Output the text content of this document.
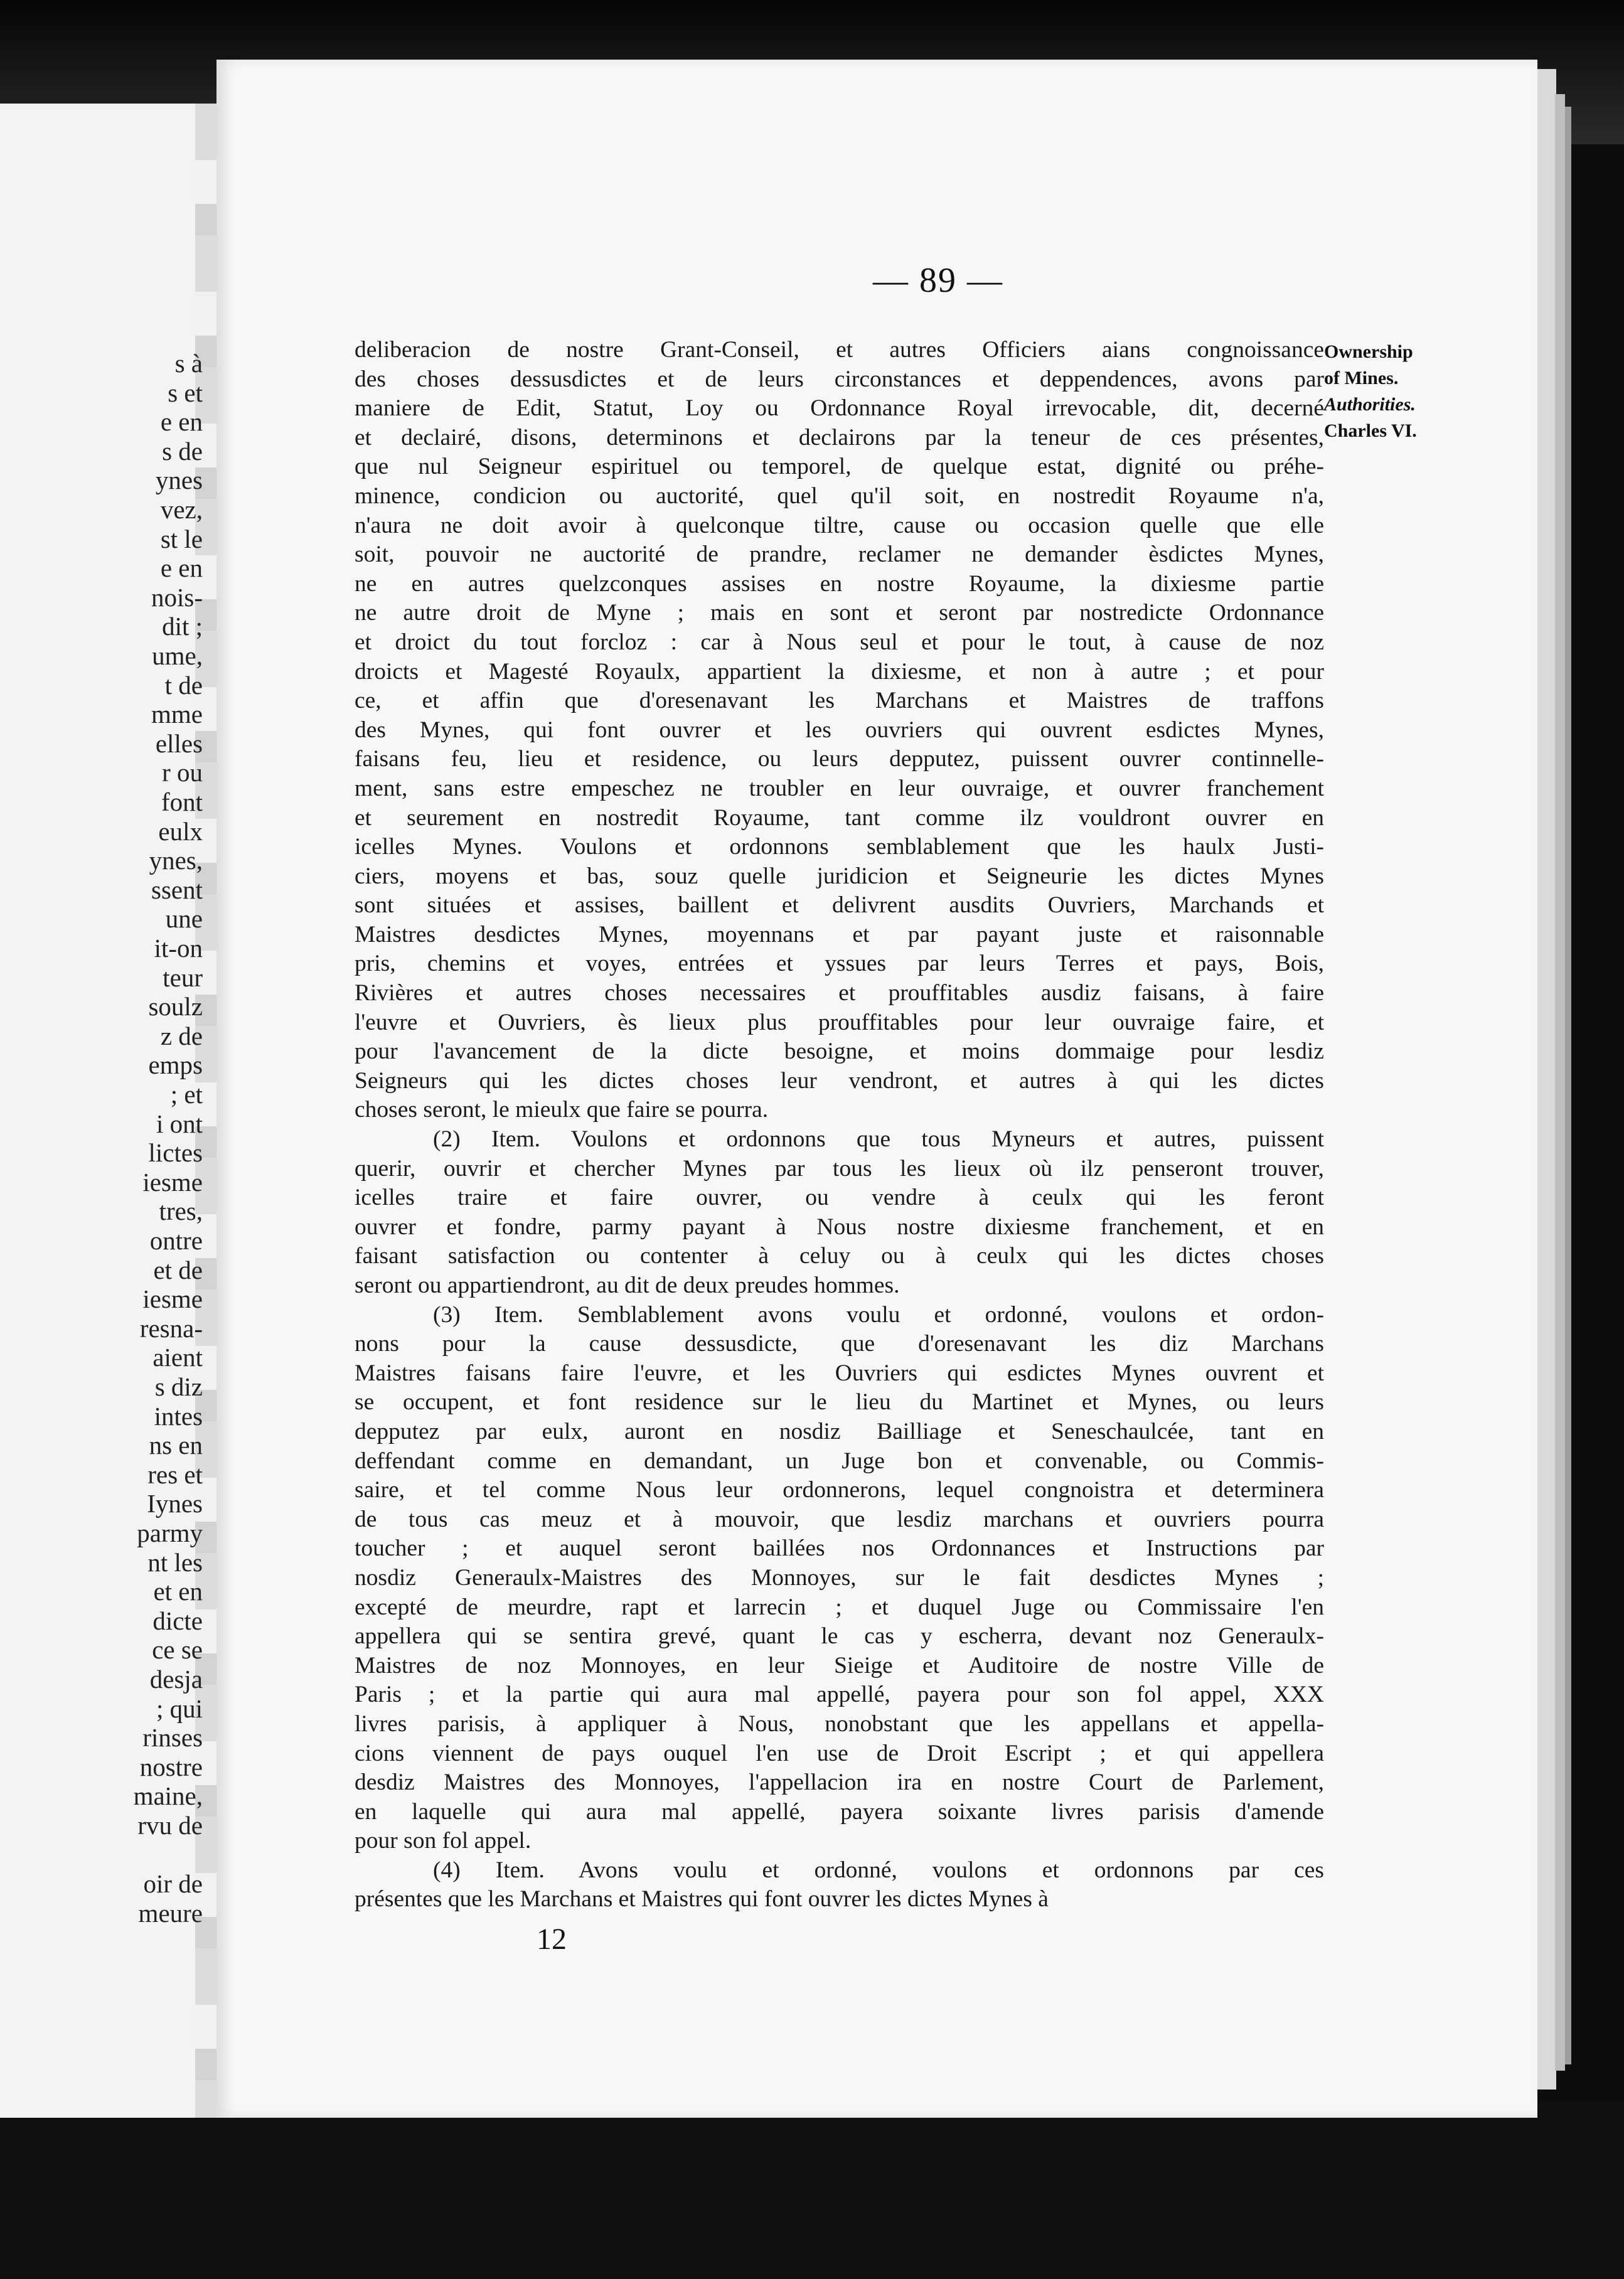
s à
s et
e en
s de
ynes
vez,
st le
e en
nois-
dit ;
ume,
t de
mme
elles
r ou
font
eulx
ynes,
ssent
une
it-on
teur
soulz
z de
emps
; et
i ont
lictes
iesme
tres,
ontre
et de
iesme
resna-
aient
s diz
intes
ns en
res et
Iynes
parmy
nt les
et en
dicte
ce se
desja
; qui
rinses
nostre
maine,
rvu de
oir de
meure
— 89 —
Ownership
of Mines.
Authorities.
Charles VI.
deliberacion de nostre Grant-Conseil, et autres Officiers aians congnoissance
des choses dessusdictes et de leurs circonstances et deppendences, avons par
maniere de Edit, Statut, Loy ou Ordonnance Royal irrevocable, dit, decerné
et declairé, disons, determinons et declairons par la teneur de ces présentes,
que nul Seigneur espirituel ou temporel, de quelque estat, dignité ou préhe-
minence, condicion ou auctorité, quel qu'il soit, en nostredit Royaume n'a,
n'aura ne doit avoir à quelconque tiltre, cause ou occasion quelle que elle
soit, pouvoir ne auctorité de prandre, reclamer ne demander èsdictes Mynes,
ne en autres quelzconques assises en nostre Royaume, la dixiesme partie
ne autre droit de Myne ; mais en sont et seront par nostredicte Ordonnance
et droict du tout forcloz : car à Nous seul et pour le tout, à cause de noz
droicts et Magesté Royaulx, appartient la dixiesme, et non à autre ; et pour
ce, et affin que d'oresenavant les Marchans et Maistres de traffons
des Mynes, qui font ouvrer et les ouvriers qui ouvrent esdictes Mynes,
faisans feu, lieu et residence, ou leurs depputez, puissent ouvrer continnelle-
ment, sans estre empeschez ne troubler en leur ouvraige, et ouvrer franchement
et seurement en nostredit Royaume, tant comme ilz vouldront ouvrer en
icelles Mynes. Voulons et ordonnons semblablement que les haulx Justi-
ciers, moyens et bas, souz quelle juridicion et Seigneurie les dictes Mynes
sont situées et assises, baillent et delivrent ausdits Ouvriers, Marchands et
Maistres desdictes Mynes, moyennans et par payant juste et raisonnable
pris, chemins et voyes, entrées et yssues par leurs Terres et pays, Bois,
Rivières et autres choses necessaires et prouffitables ausdiz faisans, à faire
l'euvre et Ouvriers, ès lieux plus prouffitables pour leur ouvraige faire, et
pour l'avancement de la dicte besoigne, et moins dommaige pour lesdiz
Seigneurs qui les dictes choses leur vendront, et autres à qui les dictes
choses seront, le mieulx que faire se pourra.
(2) Item. Voulons et ordonnons que tous Myneurs et autres, puissent
querir, ouvrir et chercher Mynes par tous les lieux où ilz penseront trouver,
icelles traire et faire ouvrer, ou vendre à ceulx qui les feront
ouvrer et fondre, parmy payant à Nous nostre dixiesme franchement, et en
faisant satisfaction ou contenter à celuy ou à ceulx qui les dictes choses
seront ou appartiendront, au dit de deux preudes hommes.
(3) Item. Semblablement avons voulu et ordonné, voulons et ordon-
nons pour la cause dessusdicte, que d'oresenavant les diz Marchans
Maistres faisans faire l'euvre, et les Ouvriers qui esdictes Mynes ouvrent et
se occupent, et font residence sur le lieu du Martinet et Mynes, ou leurs
depputez par eulx, auront en nosdiz Bailliage et Seneschaulcée, tant en
deffendant comme en demandant, un Juge bon et convenable, ou Commis-
saire, et tel comme Nous leur ordonnerons, lequel congnoistra et determinera
de tous cas meuz et à mouvoir, que lesdiz marchans et ouvriers pourra
toucher ; et auquel seront baillées nos Ordonnances et Instructions par
nosdiz Generaulx-Maistres des Monnoyes, sur le fait desdictes Mynes ;
excepté de meurdre, rapt et larrecin ; et duquel Juge ou Commissaire l'en
appellera qui se sentira grevé, quant le cas y escherra, devant noz Generaulx-
Maistres de noz Monnoyes, en leur Sieige et Auditoire de nostre Ville de
Paris ; et la partie qui aura mal appellé, payera pour son fol appel, XXX
livres parisis, à appliquer à Nous, nonobstant que les appellans et appella-
cions viennent de pays ouquel l'en use de Droit Escript ; et qui appellera
desdiz Maistres des Monnoyes, l'appellacion ira en nostre Court de Parlement,
en laquelle qui aura mal appellé, payera soixante livres parisis d'amende
pour son fol appel.
(4) Item. Avons voulu et ordonné, voulons et ordonnons par ces
présentes que les Marchans et Maistres qui font ouvrer les dictes Mynes à
12
